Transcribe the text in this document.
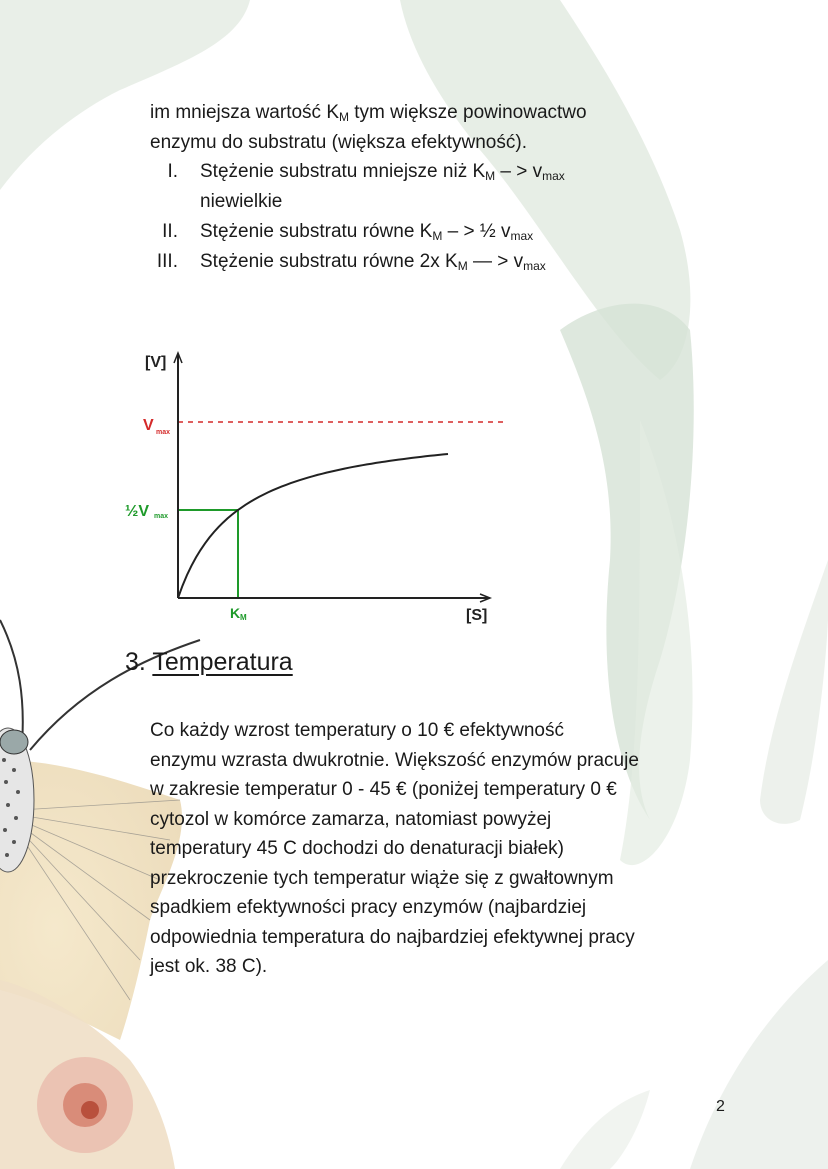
im mniejsza wartość $K_M$ tym większe powinowactwo
enzymu do substratu (większa efektywność).
I. Stężenie substratu mniejsze niż $K_M$ – > $v_{max}$
niewielkie
II. Stężenie substratu równe $K_M$ – > ½ $v_{max}$
III. Stężenie substratu równe 2x $K_M$ — > $v_{max}$
[V]
V max
½V max
K M	[S]
3. Temperatura
Co każdy wzrost temperatury o 10 € efektywność
enzymu wzrasta dwukrotnie. Większość enzymów pracuje
w zakresie temperatur 0 - 45 € (poniżej temperatury 0 €
cytozol w komórce zamarza, natomiast powyżej
temperatury 45 C dochodzi do denaturacji białek)
przekroczenie tych temperatur wiąże się z gwałtownym
spadkiem efektywności pracy enzymów (najbardziej
odpowiednia temperatura do najbardziej efektywnej pracy
jest ok. 38 C).
2
